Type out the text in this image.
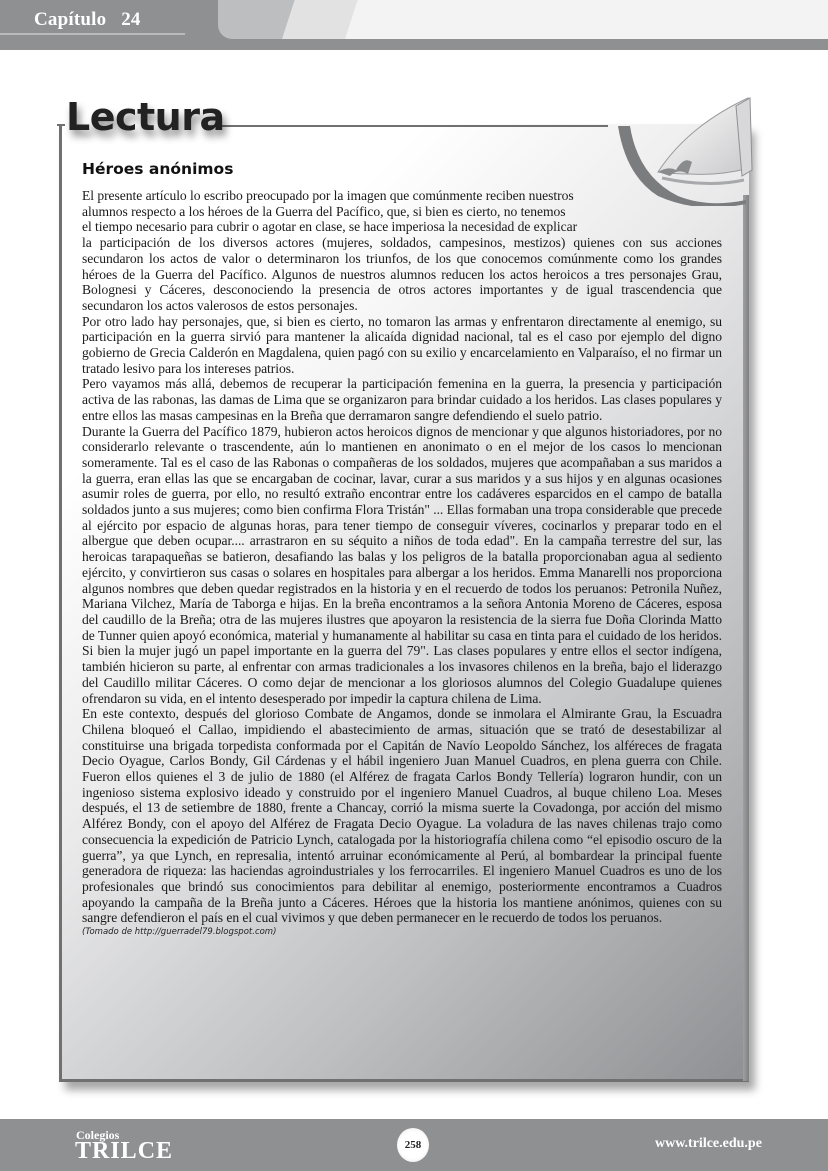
Capítulo   24
Lectura
Héroes anónimos

El presente artículo lo escribo preocupado por la imagen que comúnmente reciben nuestros
alumnos respecto a los héroes de la Guerra del Pacífico, que, si bien es cierto, no tenemos
el tiempo necesario para cubrir o agotar en clase, se hace imperiosa la necesidad de explicar

la participación de los diversos actores (mujeres, soldados, campesinos, mestizos) quienes con sus acciones secundaron los actos de valor o determinaron los triunfos, de los que conocemos comúnmente como los grandes héroes de la Guerra del Pacífico. Algunos de nuestros alumnos reducen los actos heroicos a tres personajes Grau, Bolognesi y Cáceres, desconociendo la presencia de otros actores importantes y de igual trascendencia que secundaron los actos valerosos de estos personajes.

Por otro lado hay personajes, que, si bien es cierto, no tomaron las armas y enfrentaron directamente al enemigo, su participación en la guerra sirvió para mantener la alicaída dignidad nacional, tal es el caso por ejemplo del digno gobierno de Grecia Calderón en Magdalena, quien pagó con su exilio y encarcelamiento en Valparaíso, el no firmar un tratado lesivo para los intereses patrios.

Pero vayamos más allá, debemos de recuperar la participación femenina en la guerra, la presencia y participación activa de las rabonas, las damas de Lima que se organizaron para brindar cuidado a los heridos. Las clases populares y entre ellos las masas campesinas en la Breña que derramaron sangre defendiendo el suelo patrio.

Durante la Guerra del Pacífico 1879, hubieron actos heroicos dignos de mencionar y que algunos historiadores, por no considerarlo relevante o trascendente, aún lo mantienen en anonimato o en el mejor de los casos lo mencionan someramente. Tal es el caso de las Rabonas o compañeras de los soldados, mujeres que acompañaban a sus maridos a la guerra, eran ellas las que se encargaban de cocinar, lavar, curar a sus maridos y a sus hijos y en algunas ocasiones asumir roles de guerra, por ello, no resultó extraño encontrar entre los cadáveres esparcidos en el campo de batalla soldados junto a sus mujeres; como bien confirma Flora Tristán" ... Ellas formaban una tropa considerable que precede al ejército por espacio de algunas horas, para tener tiempo de conseguir víveres, cocinarlos y preparar todo en el albergue que deben ocupar.... arrastraron en su séquito a niños de toda edad". En la campaña terrestre del sur, las heroicas tarapaqueñas se batieron, desafiando las balas y los peligros de la batalla proporcionaban agua al sediento ejército, y convirtieron sus casas o solares en hospitales para albergar a los heridos. Emma Manarelli nos proporciona algunos nombres que deben quedar registrados en la historia y en el recuerdo de todos los peruanos: Petronila Nuñez, Mariana Vilchez, María de Taborga e hijas. En la breña encontramos a la señora Antonia Moreno de Cáceres, esposa del caudillo de la Breña; otra de las mujeres ilustres que apoyaron la resistencia de la sierra fue Doña Clorinda Matto de Tunner quien apoyó económica, material y humanamente al habilitar su casa en tinta para el cuidado de los heridos. Si bien la mujer jugó un papel importante en la guerra del 79". Las clases populares y entre ellos el sector indígena, también hicieron su parte, al enfrentar con armas tradicionales a los invasores chilenos en la breña, bajo el liderazgo del Caudillo militar Cáceres. O como dejar de mencionar a los gloriosos alumnos del Colegio Guadalupe quienes ofrendaron su vida, en el intento desesperado por impedir la captura chilena de Lima.

En este contexto, después del glorioso Combate de Angamos, donde se inmolara el Almirante Grau, la Escuadra Chilena bloqueó el Callao, impidiendo el abastecimiento de armas, situación que se trató de desestabilizar al constituirse una brigada torpedista conformada por el Capitán de Navío Leopoldo Sánchez, los alféreces de fragata Decio Oyague, Carlos Bondy, Gil Cárdenas y el hábil ingeniero Juan Manuel Cuadros, en plena guerra con Chile. Fueron ellos quienes el 3 de julio de 1880 (el Alférez de fragata Carlos Bondy Tellería) lograron hundir, con un ingenioso sistema explosivo ideado y construido por el ingeniero Manuel Cuadros, al buque chileno Loa. Meses después, el 13 de setiembre de 1880, frente a Chancay, corrió la misma suerte la Covadonga, por acción del mismo Alférez Bondy, con el apoyo del Alférez de Fragata Decio Oyague. La voladura de las naves chilenas trajo como consecuencia la expedición de Patricio Lynch, catalogada por la historiografía chilena como “el episodio oscuro de la guerra”, ya que Lynch, en represalia, intentó arruinar económicamente al Perú, al bombardear la principal fuente generadora de riqueza: las haciendas agroindustriales y los ferrocarriles. El ingeniero Manuel Cuadros es uno de los profesionales que brindó sus conocimientos para debilitar al enemigo, posteriormente encontramos a Cuadros apoyando la campaña de la Breña junto a Cáceres. Héroes que la historia los mantiene anónimos, quienes con su sangre defendieron el país en el cual vivimos y que deben permanecer en le recuerdo de todos los peruanos.

(Tomado de http://guerradel79.blogspot.com)
Colegios
TRILCE	258	www.trilce.edu.pe
